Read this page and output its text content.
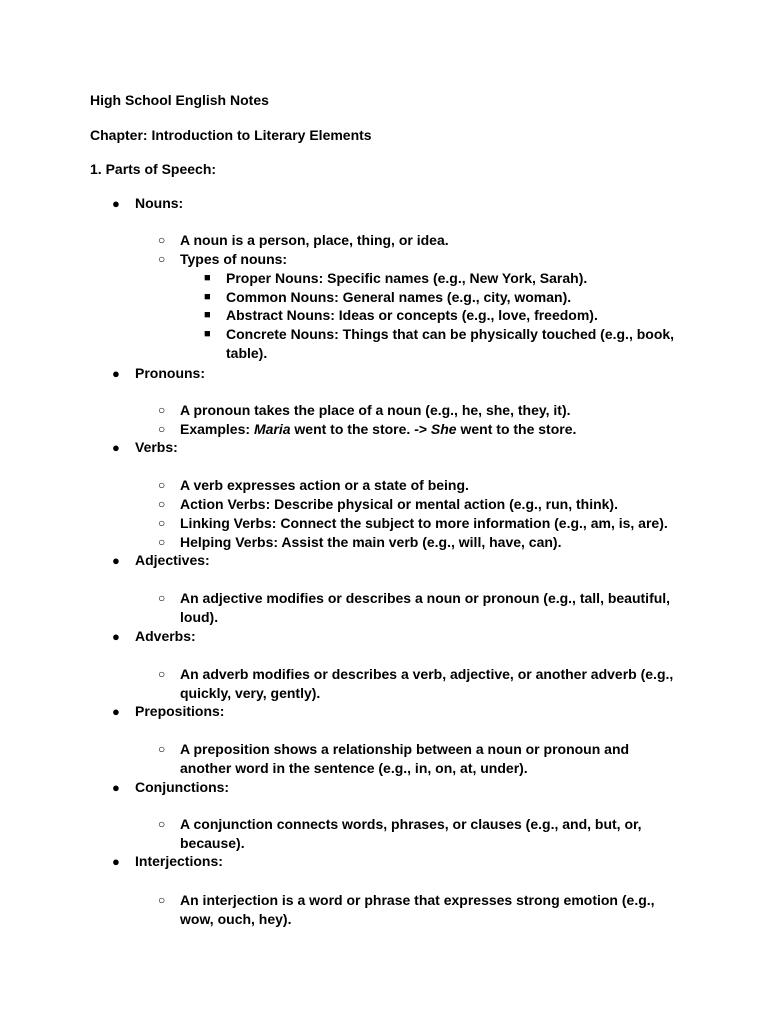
High School English Notes
Chapter: Introduction to Literary Elements
1. Parts of Speech:
● Nouns:
○ A noun is a person, place, thing, or idea.
○ Types of nouns:
■ Proper Nouns: Specific names (e.g., New York, Sarah).
■ Common Nouns: General names (e.g., city, woman).
■ Abstract Nouns: Ideas or concepts (e.g., love, freedom).
■ Concrete Nouns: Things that can be physically touched (e.g., book,
table).
● Pronouns:
○ A pronoun takes the place of a noun (e.g., he, she, they, it).
○ Examples: Maria went to the store. -> She went to the store.
● Verbs:
○ A verb expresses action or a state of being.
○ Action Verbs: Describe physical or mental action (e.g., run, think).
○ Linking Verbs: Connect the subject to more information (e.g., am, is, are).
○ Helping Verbs: Assist the main verb (e.g., will, have, can).
● Adjectives:
○ An adjective modifies or describes a noun or pronoun (e.g., tall, beautiful,
loud).
● Adverbs:
○ An adverb modifies or describes a verb, adjective, or another adverb (e.g.,
quickly, very, gently).
● Prepositions:
○ A preposition shows a relationship between a noun or pronoun and
another word in the sentence (e.g., in, on, at, under).
● Conjunctions:
○ A conjunction connects words, phrases, or clauses (e.g., and, but, or,
because).
● Interjections:
○ An interjection is a word or phrase that expresses strong emotion (e.g.,
wow, ouch, hey).
